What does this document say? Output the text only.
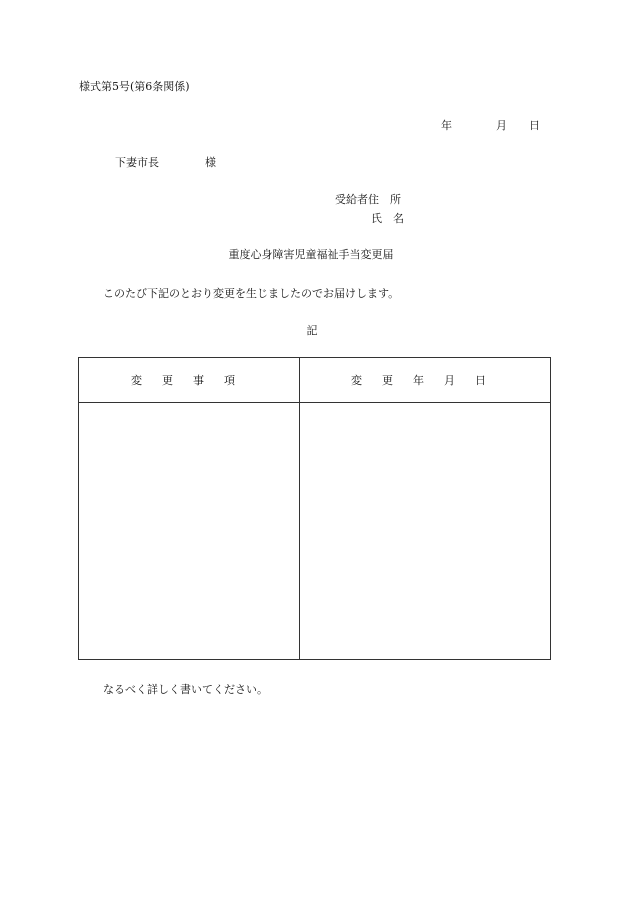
様式第5号(第6条関係)
年	月 日
下妻市長	様
受給者住　所
氏　名
重度心身障害児童福祉手当変更届
このたび下記のとおり変更を生じましたのでお届けします。
記
変更事項	変更年月日
なるべく詳しく書いてください。
